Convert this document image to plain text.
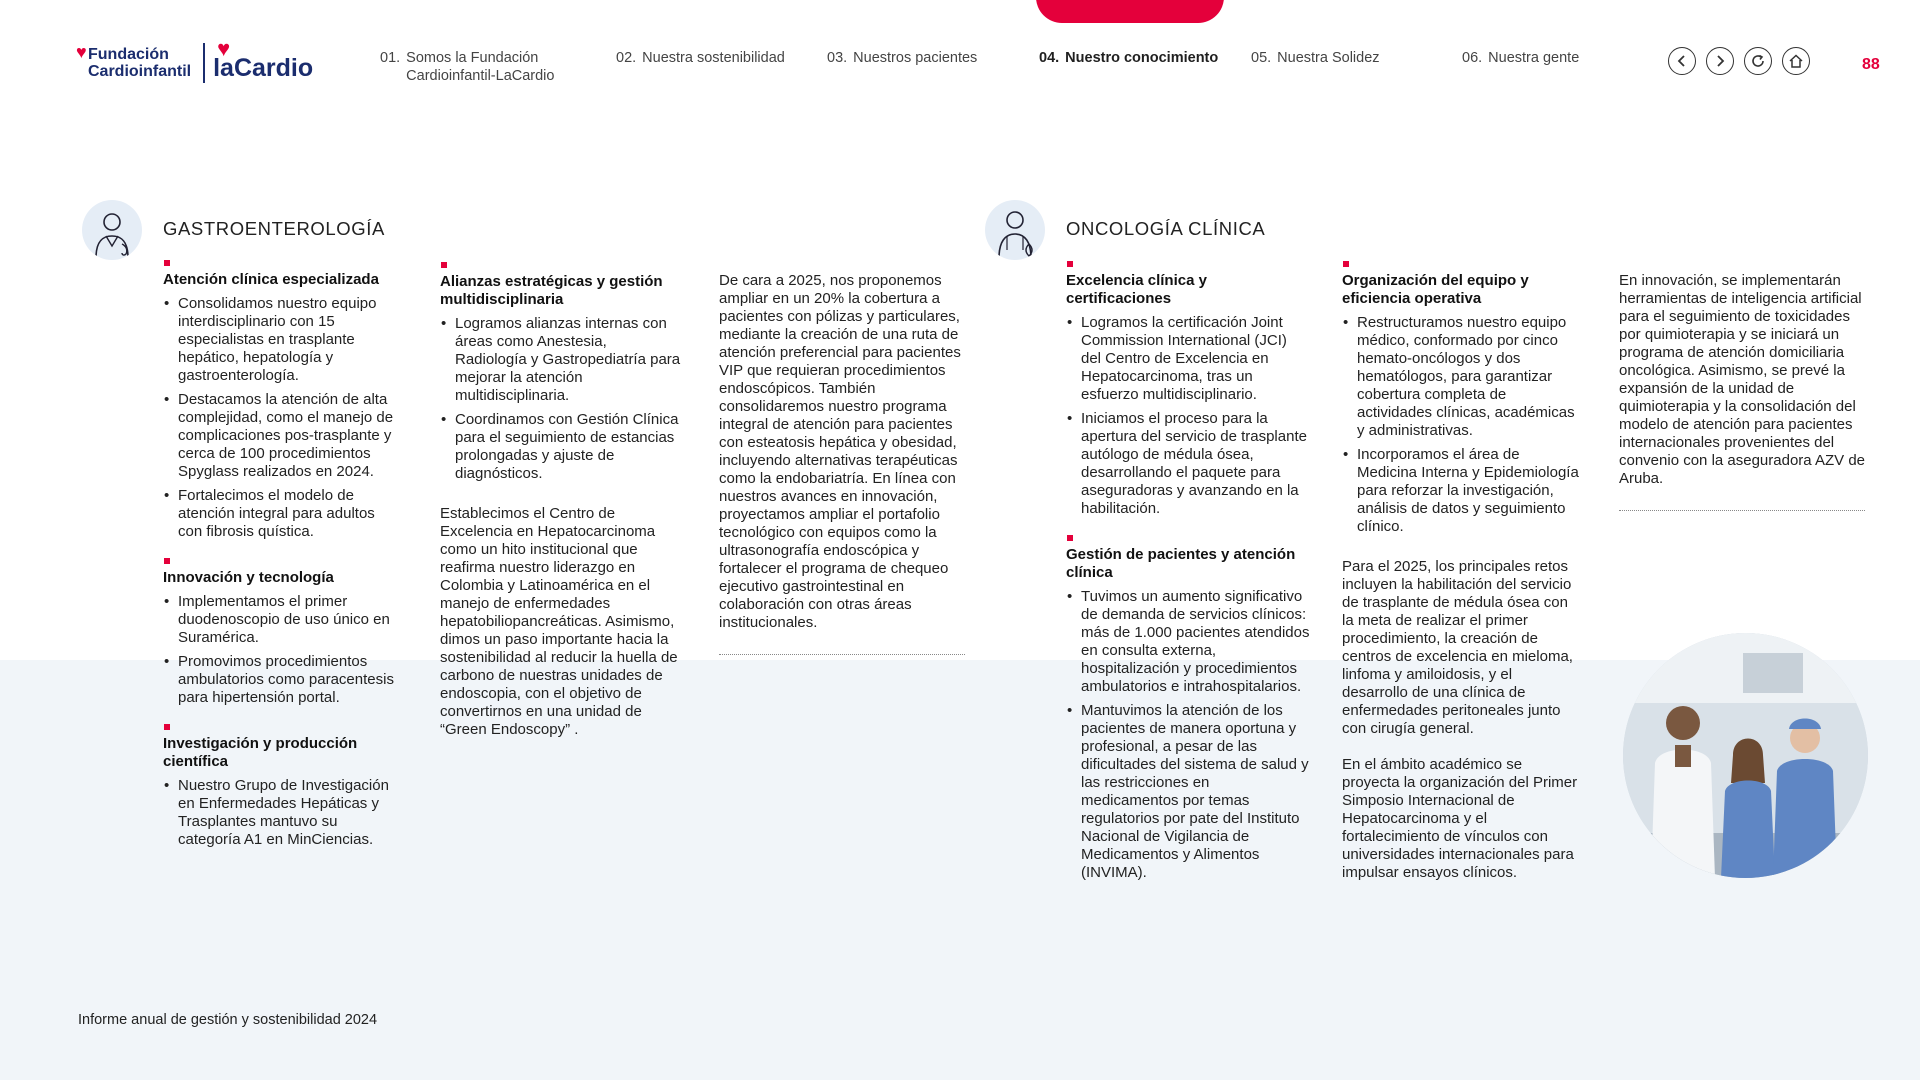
♥ Fundación
Cardioinfantil
♥
laCardio	01. Somos la Fundación Cardioinfantil-LaCardio
02. Nuestra sostenibilidad	03. Nuestros pacientes	04. Nuestro conocimiento 05. Nuestra Solidez	06. Nuestra gente	88
GASTROENTEROLOGÍA
Atención clínica especializada
• Consolidamos nuestro equipo interdisciplinario con 15 especialistas en trasplante hepático, hepatología y gastroenterología.
• Destacamos la atención de alta complejidad, como el manejo de complicaciones pos-trasplante y cerca de 100 procedimientos Spyglass realizados en 2024.
• Fortalecimos el modelo de atención integral para adultos con fibrosis quística.
Innovación y tecnología
• Implementamos el primer duodenoscopio de uso único en Suramérica.
• Promovimos procedimientos ambulatorios como paracentesis para hipertensión portal.
Investigación y producción científica
• Nuestro Grupo de Investigación en Enfermedades Hepáticas y Trasplantes mantuvo su categoría A1 en MinCiencias.
Alianzas estratégicas y gestión multidisciplinaria
• Logramos alianzas internas con áreas como Anestesia, Radiología y Gastropediatría para mejorar la atención multidisciplinaria.
• Coordinamos con Gestión Clínica para el seguimiento de estancias prolongadas y ajuste de diagnósticos.

Establecimos el Centro de Excelencia en Hepatocarcinoma como un hito institucional que reafirma nuestro liderazgo en Colombia y Latinoamérica en el manejo de enfermedades hepatobiliopancreáticas. Asimismo, dimos un paso importante hacia la sostenibilidad al reducir la huella de carbono de nuestras unidades de endoscopia, con el objetivo de convertirnos en una unidad de “Green Endoscopy” .

De cara a 2025, nos proponemos ampliar en un 20% la cobertura a pacientes con pólizas y particulares, mediante la creación de una ruta de atención preferencial para pacientes VIP que requieran procedimientos endoscópicos. También consolidaremos nuestro programa integral de atención para pacientes con esteatosis hepática y obesidad, incluyendo alternativas terapéuticas como la endobariatría. En línea con nuestros avances en innovación, proyectamos ampliar el portafolio tecnológico con equipos como la ultrasonografía endoscópica y fortalecer el programa de chequeo ejecutivo gastrointestinal en colaboración con otras áreas institucionales.

ONCOLOGÍA CLÍNICA
Excelencia clínica y certificaciones
• Logramos la certificación Joint Commission International (JCI) del Centro de Excelencia en Hepatocarcinoma, tras un esfuerzo multidisciplinario.
• Iniciamos el proceso para la apertura del servicio de trasplante autólogo de médula ósea, desarrollando el paquete para aseguradoras y avanzando en la habilitación.
Gestión de pacientes y atención clínica
• Tuvimos un aumento significativo de demanda de servicios clínicos: más de 1.000 pacientes atendidos en consulta externa, hospitalización y procedimientos ambulatorios e intrahospitalarios.
• Mantuvimos la atención de los pacientes de manera oportuna y profesional, a pesar de las dificultades del sistema de salud y las restricciones en medicamentos por temas regulatorios por pate del Instituto Nacional de Vigilancia de Medicamentos y Alimentos (INVIMA).
Organización del equipo y eficiencia operativa
• Restructuramos nuestro equipo médico, conformado por cinco hemato-oncólogos y dos hematólogos, para garantizar cobertura completa de actividades clínicas, académicas y administrativas.
• Incorporamos el área de Medicina Interna y Epidemiología para reforzar la investigación, análisis de datos y seguimiento clínico.

Para el 2025, los principales retos incluyen la habilitación del servicio de trasplante de médula ósea con la meta de realizar el primer procedimiento, la creación de centros de excelencia en mieloma, linfoma y amiloidosis, y el desarrollo de una clínica de enfermedades peritoneales junto con cirugía general.

En el ámbito académico se proyecta la organización del Primer Simposio Internacional de Hepatocarcinoma y el fortalecimiento de vínculos con universidades internacionales para impulsar ensayos clínicos.

En innovación, se implementarán herramientas de inteligencia artificial para el seguimiento de toxicidades por quimioterapia y se iniciará un programa de atención domiciliaria oncológica. Asimismo, se prevé la expansión de la unidad de quimioterapia y la consolidación del modelo de atención para pacientes internacionales provenientes del convenio con la aseguradora AZV de Aruba.

Informe anual de gestión y sostenibilidad 2024
